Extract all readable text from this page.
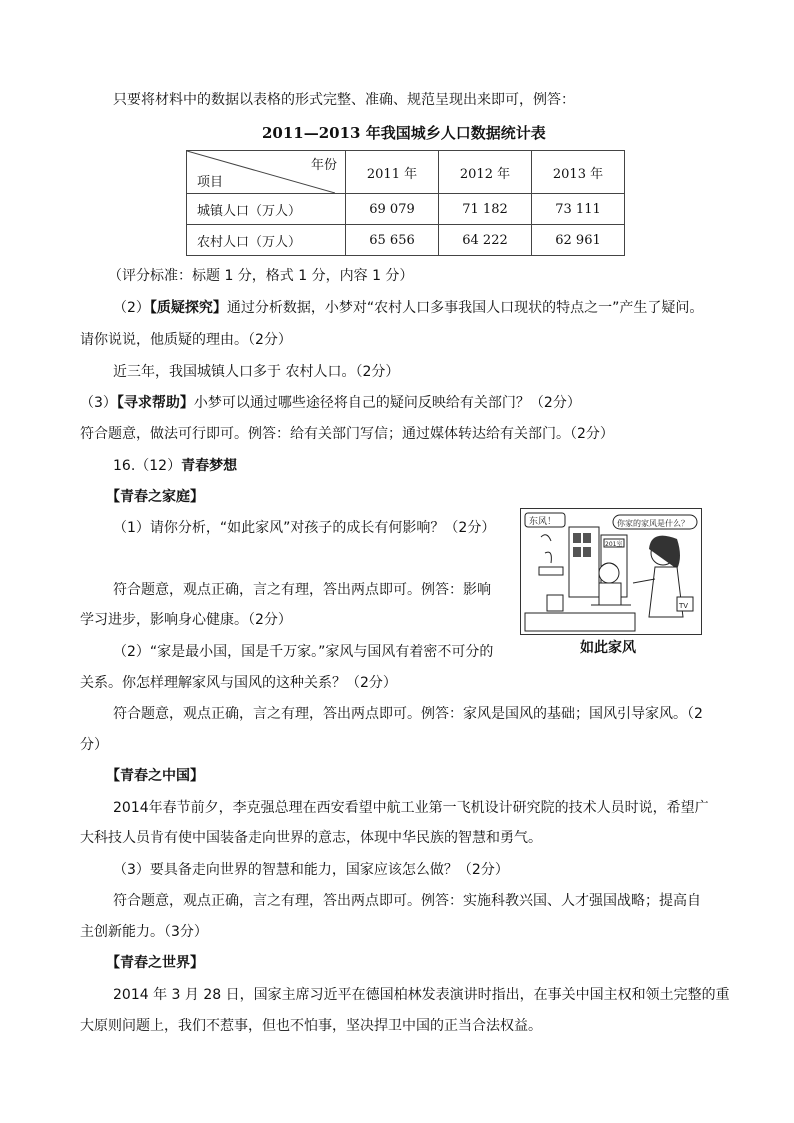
只要将材料中的数据以表格的形式完整、准确、规范呈现出来即可，例答：
2011—2013 年我国城乡人口数据统计表
年份
项目	2011 年	2012 年	2013 年
城镇人口（万人）	69 079	71 182	73 111
农村人口（万人）	65 656	64 222	62 961
（评分标准：标题 1 分，格式 1 分，内容 1 分）
（2）【质疑探究】通过分析数据，小梦对“农村人口多事我国人口现状的特点之一”产生了疑问。
请你说说，他质疑的理由。（2分）
近三年，我国城镇人口多于 农村人口。（2分）
（3）【寻求帮助】小梦可以通过哪些途径将自己的疑问反映给有关部门？（2分）
符合题意，做法可行即可。例答：给有关部门写信；通过媒体转达给有关部门。（2分）
16.（12）青春梦想
【青春之家庭】
（1）请你分析，“如此家风”对孩子的成长有何影响？（2分）
符合题意，观点正确，言之有理，答出两点即可。例答：影响
学习进步，影响身心健康。（2分）
（2）“家是最小国，国是千万家。”家风与国风有着密不可分的
关系。你怎样理解家风与国风的这种关系？（2分）
符合题意，观点正确，言之有理，答出两点即可。例答：家风是国风的基础；国风引导家风。（2
分）
东风！	你家的家风是什么？
201室
TV
如此家风
【青春之中国】
2014年春节前夕，李克强总理在西安看望中航工业第一飞机设计研究院的技术人员时说，希望广
大科技人员肯有使中国装备走向世界的意志，体现中华民族的智慧和勇气。
（3）要具备走向世界的智慧和能力，国家应该怎么做？（2分）
符合题意，观点正确，言之有理，答出两点即可。例答：实施科教兴国、人才强国战略；提高自
主创新能力。（3分）
【青春之世界】
2014 年 3 月 28 日，国家主席习近平在德国柏林发表演讲时指出，在事关中国主权和领土完整的重
大原则问题上，我们不惹事，但也不怕事，坚决捍卫中国的正当合法权益。
